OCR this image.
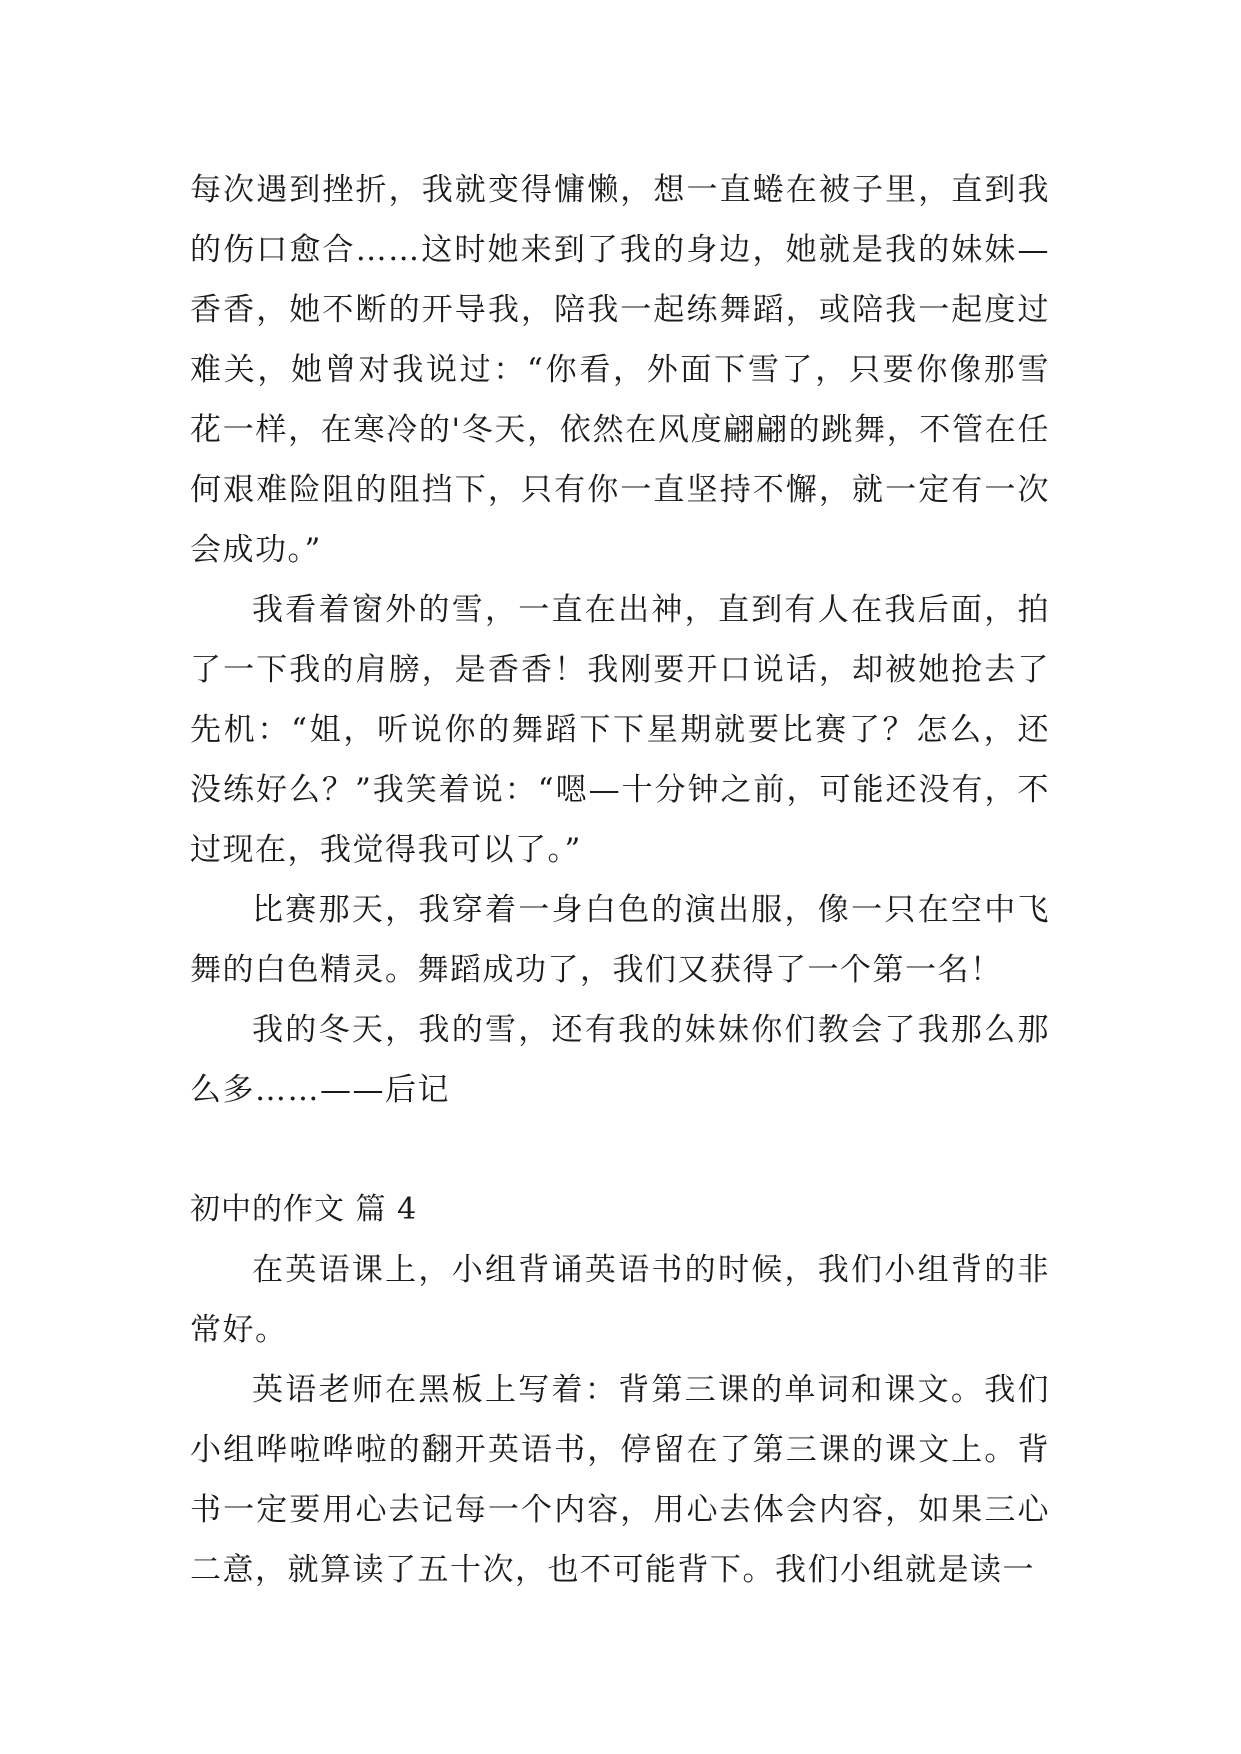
每次遇到挫折，我就变得慵懒，想一直蜷在被子里，直到我的伤口愈合……这时她来到了我的身边，她就是我的妹妹—香香，她不断的开导我，陪我一起练舞蹈，或陪我一起度过难关，她曾对我说过：“你看，外面下雪了，只要你像那雪花一样，在寒冷的'冬天，依然在风度翩翩的跳舞，不管在任何艰难险阻的阻挡下，只有你一直坚持不懈，就一定有一次会成功。”

我看着窗外的雪，一直在出神，直到有人在我后面，拍了一下我的肩膀，是香香！我刚要开口说话，却被她抢去了先机：“姐，听说你的舞蹈下下星期就要比赛了？怎么，还没练好么？”我笑着说：“嗯—十分钟之前，可能还没有，不过现在，我觉得我可以了。”

比赛那天，我穿着一身白色的演出服，像一只在空中飞舞的白色精灵。舞蹈成功了，我们又获得了一个第一名！

我的冬天，我的雪，还有我的妹妹你们教会了我那么那么多……——后记

初中的作文 篇 4

在英语课上，小组背诵英语书的时候，我们小组背的非常好。

英语老师在黑板上写着：背第三课的单词和课文。我们小组哗啦哗啦的翻开英语书，停留在了第三课的课文上。背书一定要用心去记每一个内容，用心去体会内容，如果三心二意，就算读了五十次，也不可能背下。我们小组就是读一
